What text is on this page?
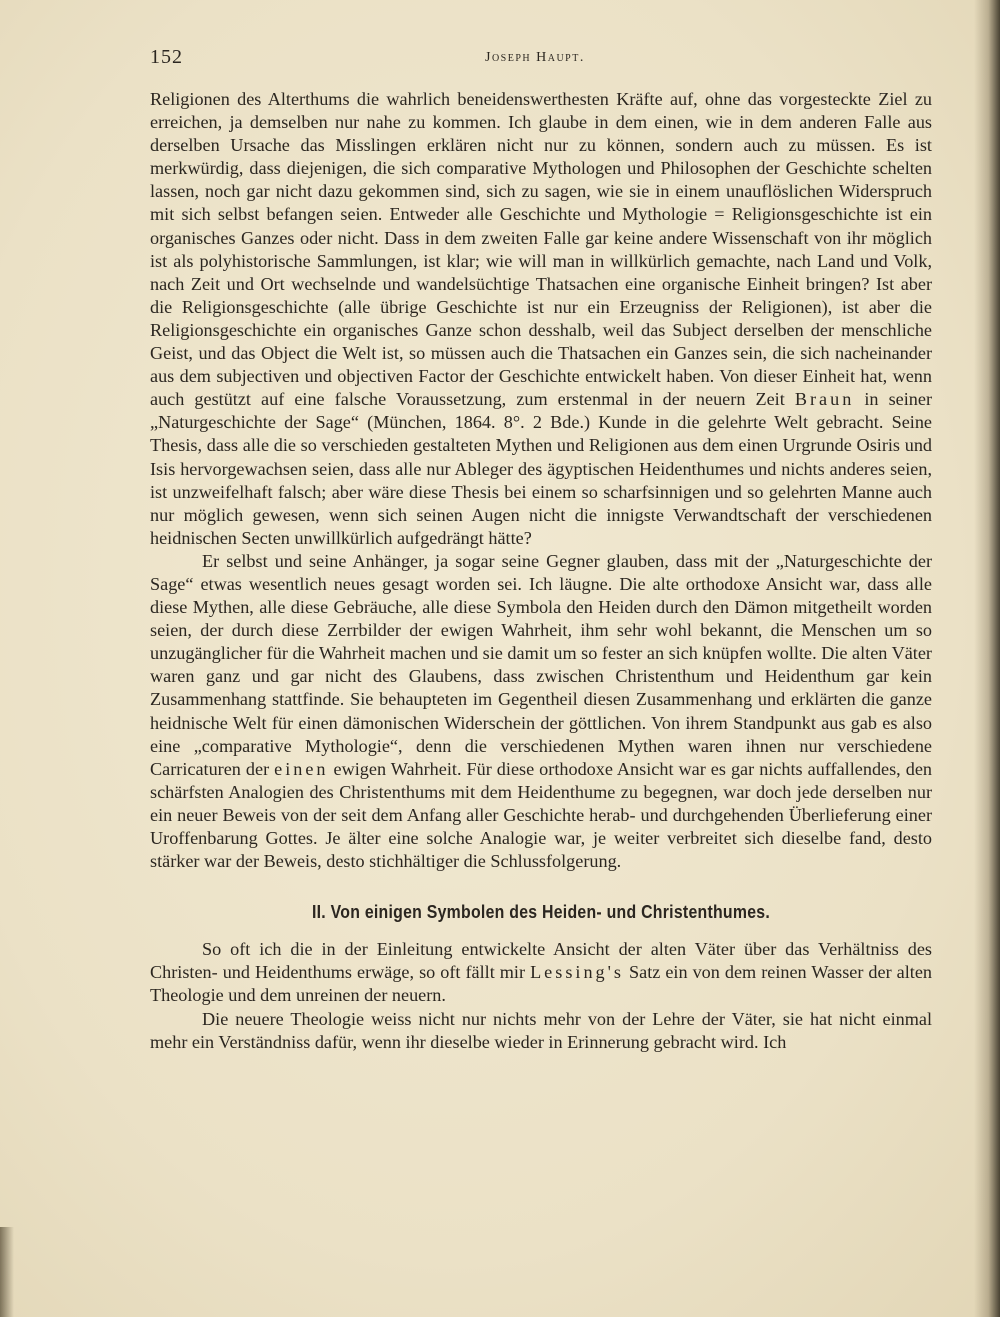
152	Joseph Haupt.

Religionen des Alterthums die wahrlich beneidenswerthesten Kräfte auf, ohne das vorgesteckte Ziel zu erreichen, ja demselben nur nahe zu kommen. Ich glaube in dem einen, wie in dem anderen Falle aus derselben Ursache das Misslingen erklären nicht nur zu können, sondern auch zu müssen. Es ist merkwürdig, dass diejenigen, die sich comparative Mythologen und Philosophen der Geschichte schelten lassen, noch gar nicht dazu gekommen sind, sich zu sagen, wie sie in einem unauflöslichen Widerspruch mit sich selbst befangen seien. Entweder alle Geschichte und Mythologie = Religionsgeschichte ist ein organisches Ganzes oder nicht. Dass in dem zweiten Falle gar keine andere Wissenschaft von ihr möglich ist als polyhistorische Sammlungen, ist klar; wie will man in willkürlich gemachte, nach Land und Volk, nach Zeit und Ort wechselnde und wandelsüchtige Thatsachen eine organische Einheit bringen? Ist aber die Religionsgeschichte (alle übrige Geschichte ist nur ein Erzeugniss der Religionen), ist aber die Religionsgeschichte ein organisches Ganze schon desshalb, weil das Subject derselben der menschliche Geist, und das Object die Welt ist, so müssen auch die Thatsachen ein Ganzes sein, die sich nacheinander aus dem subjectiven und objectiven Factor der Geschichte entwickelt haben. Von dieser Einheit hat, wenn auch gestützt auf eine falsche Voraussetzung, zum erstenmal in der neuern Zeit Braun in seiner „Naturgeschichte der Sage“ (München, 1864. 8°. 2 Bde.) Kunde in die gelehrte Welt gebracht. Seine Thesis, dass alle die so verschieden gestalteten Mythen und Religionen aus dem einen Urgrunde Osiris und Isis hervorgewachsen seien, dass alle nur Ableger des ägyptischen Heidenthumes und nichts anderes seien, ist unzweifelhaft falsch; aber wäre diese Thesis bei einem so scharfsinnigen und so gelehrten Manne auch nur möglich gewesen, wenn sich seinen Augen nicht die innigste Verwandtschaft der verschiedenen heidnischen Secten unwillkürlich aufgedrängt hätte?

Er selbst und seine Anhänger, ja sogar seine Gegner glauben, dass mit der „Naturgeschichte der Sage“ etwas wesentlich neues gesagt worden sei. Ich läugne. Die alte orthodoxe Ansicht war, dass alle diese Mythen, alle diese Gebräuche, alle diese Symbola den Heiden durch den Dämon mitgetheilt worden seien, der durch diese Zerrbilder der ewigen Wahrheit, ihm sehr wohl bekannt, die Menschen um so unzugänglicher für die Wahrheit machen und sie damit um so fester an sich knüpfen wollte. Die alten Väter waren ganz und gar nicht des Glaubens, dass zwischen Christenthum und Heidenthum gar kein Zusammenhang stattfinde. Sie behaupteten im Gegentheil diesen Zusammenhang und erklärten die ganze heidnische Welt für einen dämonischen Widerschein der göttlichen. Von ihrem Standpunkt aus gab es also eine „comparative Mythologie“, denn die verschiedenen Mythen waren ihnen nur verschiedene Carricaturen der einen ewigen Wahrheit. Für diese orthodoxe Ansicht war es gar nichts auffallendes, den schärfsten Analogien des Christenthums mit dem Heidenthume zu begegnen, war doch jede derselben nur ein neuer Beweis von der seit dem Anfang aller Geschichte herab- und durchgehenden Überlieferung einer Uroffenbarung Gottes. Je älter eine solche Analogie war, je weiter verbreitet sich dieselbe fand, desto stärker war der Beweis, desto stichhältiger die Schlussfolgerung.

II. Von einigen Symbolen des Heiden- und Christenthumes.

So oft ich die in der Einleitung entwickelte Ansicht der alten Väter über das Verhältniss des Christen- und Heidenthums erwäge, so oft fällt mir Lessing's Satz ein von dem reinen Wasser der alten Theologie und dem unreinen der neuern.

Die neuere Theologie weiss nicht nur nichts mehr von der Lehre der Väter, sie hat nicht einmal mehr ein Verständniss dafür, wenn ihr dieselbe wieder in Erinnerung gebracht wird. Ich
